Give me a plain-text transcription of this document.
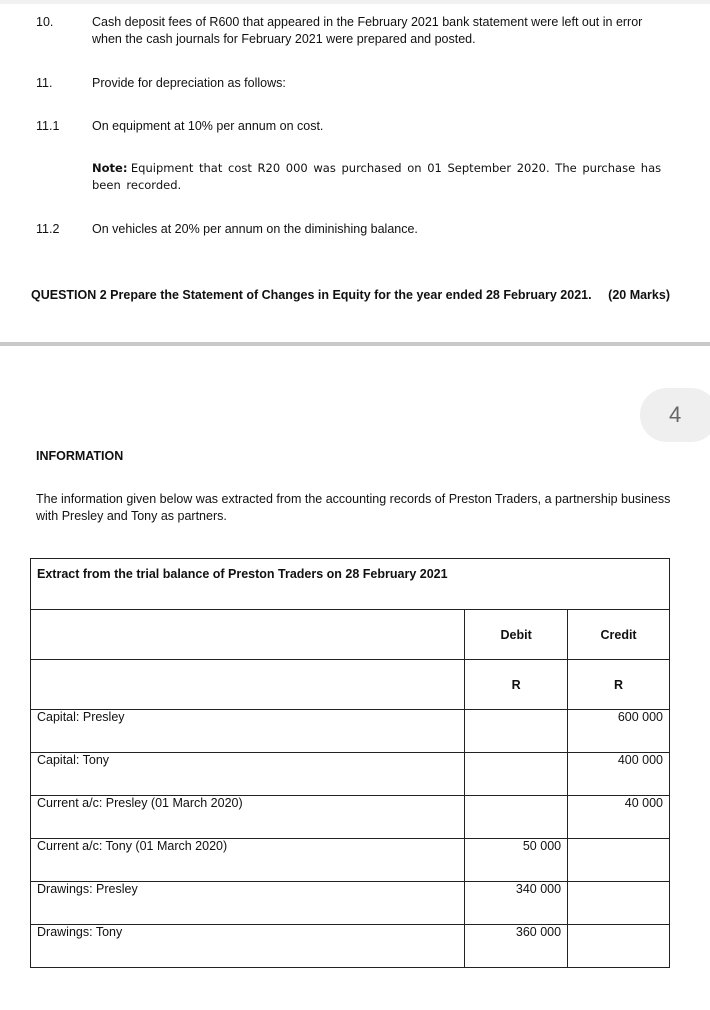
10.	Cash deposit fees of R600 that appeared in the February 2021 bank statement were left out in error when the cash journals for February 2021 were prepared and posted.
11.	Provide for depreciation as follows:
11.1	On equipment at 10% per annum on cost.
Note: Equipment that cost R20 000 was purchased on 01 September 2020. The purchase has been recorded.
11.2	On vehicles at 20% per annum on the diminishing balance.
QUESTION 2 Prepare the Statement of Changes in Equity for the year ended 28 February 2021. (20 Marks)
4
INFORMATION
The information given below was extracted from the accounting records of Preston Traders, a partnership business with Presley and Tony as partners.
Extract from the trial balance of Preston Traders on 28 February 2021		
	Debit	Credit
	R	R
Capital: Presley		600 000
Capital: Tony		400 000
Current a/c: Presley (01 March 2020)		40 000
Current a/c: Tony (01 March 2020)	50 000	
Drawings: Presley	340 000	
Drawings: Tony	360 000	
